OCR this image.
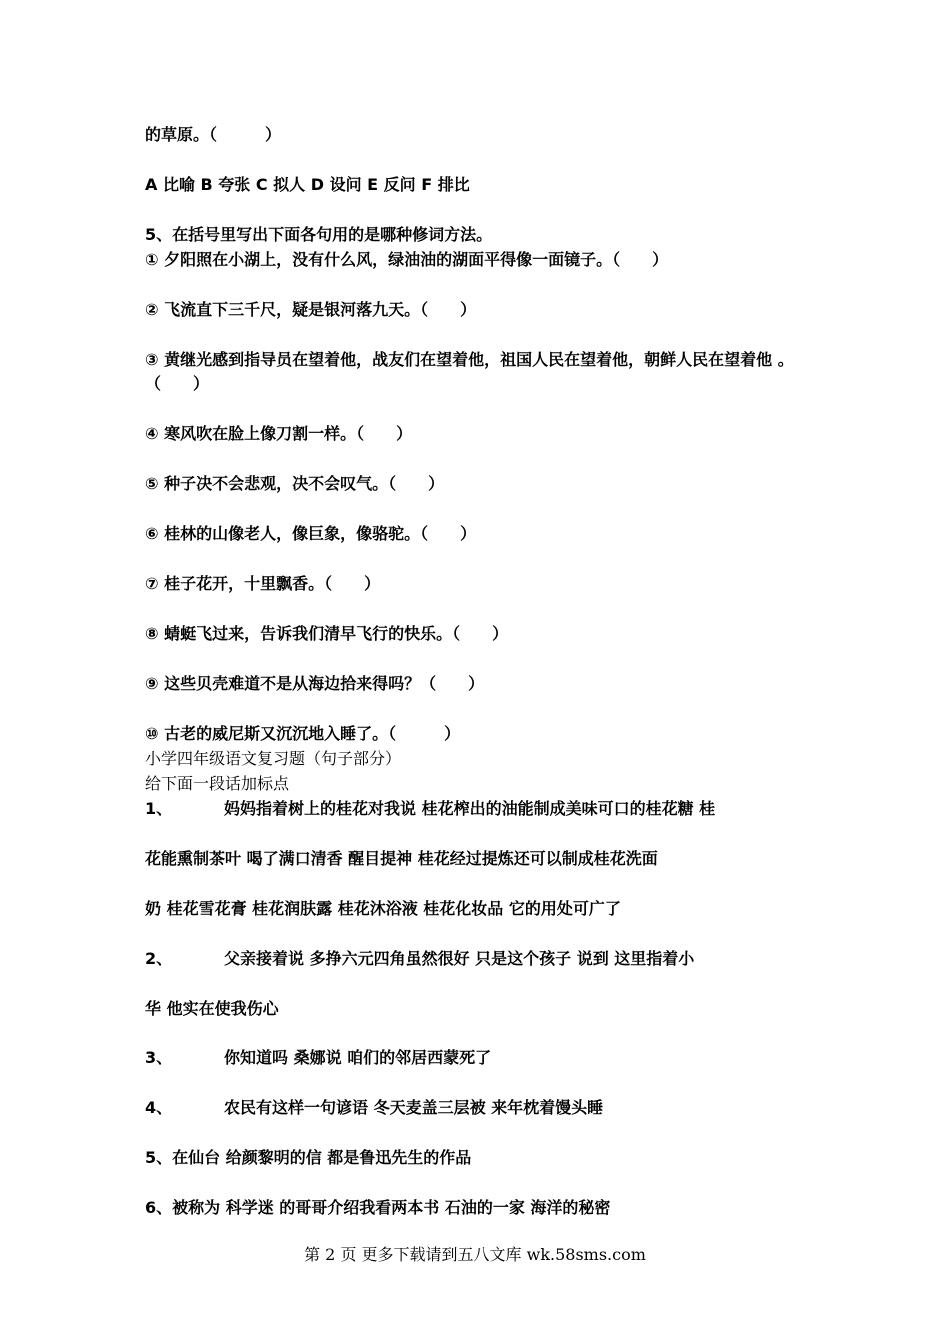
的草原。（　　　）
A 比喻 B 夸张 C 拟人 D 设问 E 反问 F 排比
5、在括号里写出下面各句用的是哪种修词方法。
① 夕阳照在小湖上，没有什么风，绿油油的湖面平得像一面镜子。（　　）
② 飞流直下三千尺，疑是银河落九天。（　　）
③ 黄继光感到指导员在望着他，战友们在望着他，祖国人民在望着他，朝鲜人民在望着他 。
（　　）
④ 寒风吹在脸上像刀割一样。（　　）
⑤ 种子决不会悲观，决不会叹气。（　　）
⑥ 桂林的山像老人，像巨象，像骆驼。（　　）
⑦ 桂子花开，十里飘香。（　　）
⑧ 蜻蜓飞过来，告诉我们清早飞行的快乐。（　　）
⑨ 这些贝壳难道不是从海边拾来得吗？（　　）
⑩ 古老的威尼斯又沉沉地入睡了。（　　　）
小学四年级语文复习题（句子部分）
给下面一段话加标点
1、	妈妈指着树上的桂花对我说 桂花榨出的油能制成美味可口的桂花糖 桂
花能熏制茶叶 喝了满口清香 醒目提神 桂花经过提炼还可以制成桂花洗面
奶 桂花雪花膏 桂花润肤露 桂花沐浴液 桂花化妆品 它的用处可广了
2、	父亲接着说 多挣六元四角虽然很好 只是这个孩子 说到 这里指着小
华 他实在使我伤心
3、	你知道吗 桑娜说 咱们的邻居西蒙死了
4、	农民有这样一句谚语 冬天麦盖三层被 来年枕着馒头睡
5、在仙台 给颜黎明的信 都是鲁迅先生的作品
6、被称为 科学迷 的哥哥介绍我看两本书 石油的一家 海洋的秘密
第 2 页 更多下载请到五八文库 wk.58sms.com
